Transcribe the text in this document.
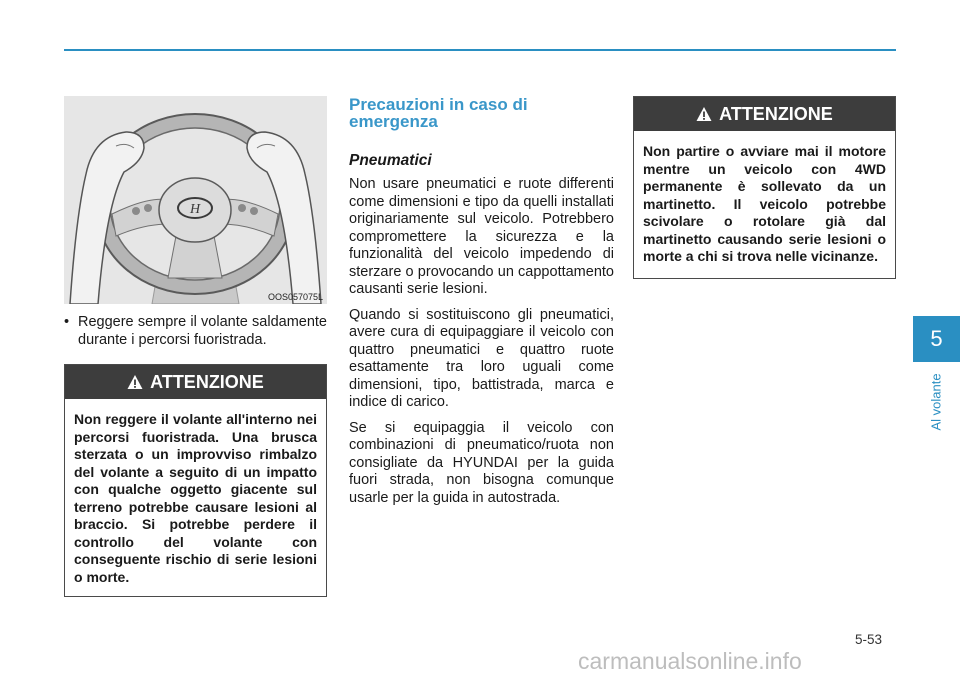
H
OOS057075L
• Reggere sempre il volante saldamente durante i percorsi fuoristrada.
ATTENZIONE
Non reggere il volante all'interno nei percorsi fuoristrada. Una brusca sterzata o un improvviso rimbalzo del volante a seguito di un impatto con qualche oggetto giacente sul terreno potrebbe causare lesioni al braccio. Si potrebbe perdere il controllo del volante con conseguente rischio di serie lesioni o morte.
Precauzioni in caso di emergenza
Pneumatici

Non usare pneumatici e ruote differenti come dimensioni e tipo da quelli installati originariamente sul veicolo. Potrebbero compromettere la sicurezza e la funzionalità del veicolo impedendo di sterzare o provocando un cappottamento causanti serie lesioni.

Quando si sostituiscono gli pneumatici, avere cura di equipaggiare il veicolo con quattro pneumatici e quattro ruote esattamente tra loro uguali come dimensioni, tipo, battistrada, marca e indice di carico.

Se si equipaggia il veicolo con combinazioni di pneumatico/ruota non consigliate da HYUNDAI per la guida fuori strada, non bisogna comunque usarle per la guida in autostrada.

ATTENZIONE
Non partire o avviare mai il motore mentre un veicolo con 4WD permanente è sollevato da un martinetto. Il veicolo potrebbe scivolare o rotolare già dal martinetto causando serie lesioni o morte a chi si trova nelle vicinanze.
5
Al volante
5-53
carmanualsonline.info
